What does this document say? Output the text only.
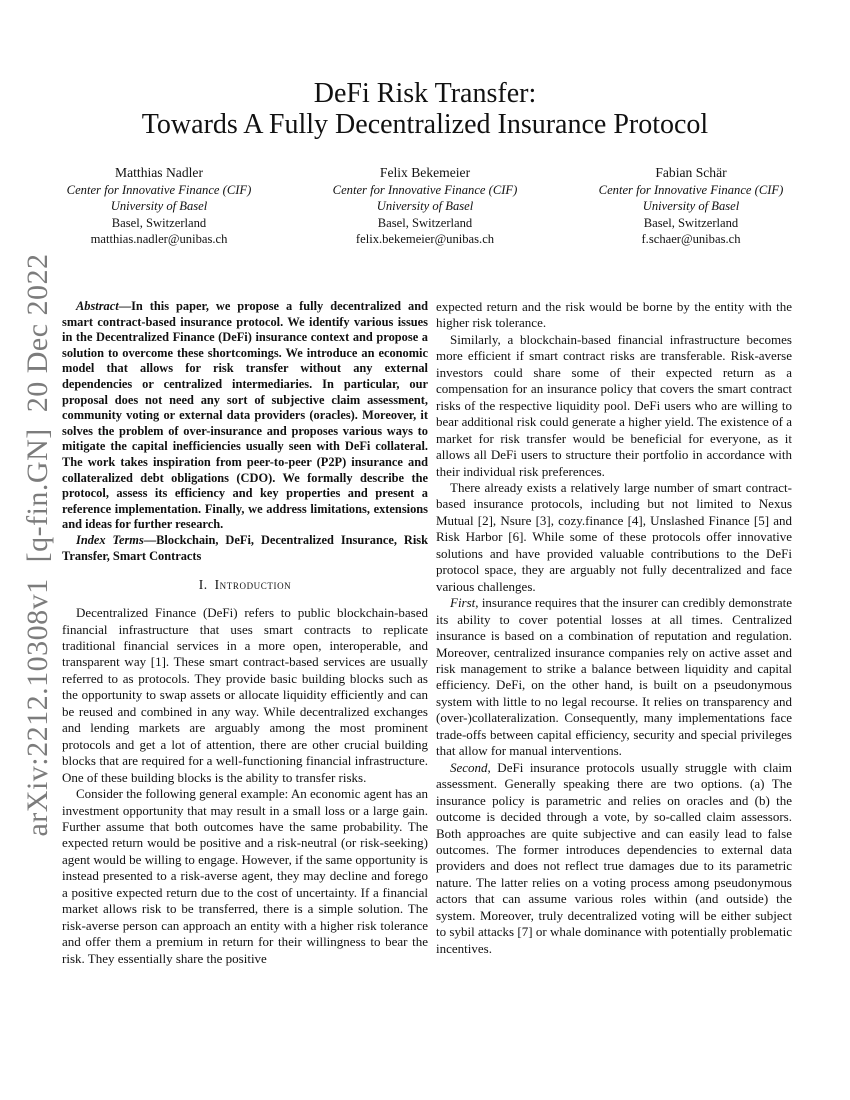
arXiv:2212.10308v1  [q-fin.GN]  20 Dec 2022
DeFi Risk Transfer:
Towards A Fully Decentralized Insurance Protocol
Matthias Nadler
Center for Innovative Finance (CIF)
University of Basel
Basel, Switzerland
matthias.nadler@unibas.ch
Felix Bekemeier
Center for Innovative Finance (CIF)
University of Basel
Basel, Switzerland
felix.bekemeier@unibas.ch
Fabian Schär
Center for Innovative Finance (CIF)
University of Basel
Basel, Switzerland
f.schaer@unibas.ch

Abstract—In this paper, we propose a fully decentralized and smart contract-based insurance protocol. We identify various issues in the Decentralized Finance (DeFi) insurance context and propose a solution to overcome these shortcomings. We introduce an economic model that allows for risk transfer without any external dependencies or centralized intermediaries. In particular, our proposal does not need any sort of subjective claim assessment, community voting or external data providers (oracles). Moreover, it solves the problem of over-insurance and proposes various ways to mitigate the capital inefficiencies usually seen with DeFi collateral. The work takes inspiration from peer-to-peer (P2P) insurance and collateralized debt obligations (CDO). We formally describe the protocol, assess its efficiency and key properties and present a reference implementation. Finally, we address limitations, extensions and ideas for further research.

Index Terms—Blockchain, DeFi, Decentralized Insurance, Risk Transfer, Smart Contracts

I. Introduction

Decentralized Finance (DeFi) refers to public blockchain-based financial infrastructure that uses smart contracts to replicate traditional financial services in a more open, interoperable, and transparent way [1]. These smart contract-based services are usually referred to as protocols. They provide basic building blocks such as the opportunity to swap assets or allocate liquidity efficiently and can be reused and combined in any way. While decentralized exchanges and lending markets are arguably among the most prominent protocols and get a lot of attention, there are other crucial building blocks that are required for a well-functioning financial infrastructure. One of these building blocks is the ability to transfer risks.

Consider the following general example: An economic agent has an investment opportunity that may result in a small loss or a large gain. Further assume that both outcomes have the same probability. The expected return would be positive and a risk-neutral (or risk-seeking) agent would be willing to engage. However, if the same opportunity is instead presented to a risk-averse agent, they may decline and forego a positive expected return due to the cost of uncertainty. If a financial market allows risk to be transferred, there is a simple solution. The risk-averse person can approach an entity with a higher risk tolerance and offer them a premium in return for their willingness to bear the risk. They essentially share the positive

expected return and the risk would be borne by the entity with the higher risk tolerance.

Similarly, a blockchain-based financial infrastructure becomes more efficient if smart contract risks are transferable. Risk-averse investors could share some of their expected return as a compensation for an insurance policy that covers the smart contract risks of the respective liquidity pool. DeFi users who are willing to bear additional risk could generate a higher yield. The existence of a market for risk transfer would be beneficial for everyone, as it allows all DeFi users to structure their portfolio in accordance with their individual risk preferences.

There already exists a relatively large number of smart contract-based insurance protocols, including but not limited to Nexus Mutual [2], Nsure [3], cozy.finance [4], Unslashed Finance [5] and Risk Harbor [6]. While some of these protocols offer innovative solutions and have provided valuable contributions to the DeFi protocol space, they are arguably not fully decentralized and face various challenges.

First, insurance requires that the insurer can credibly demonstrate its ability to cover potential losses at all times. Centralized insurance is based on a combination of reputation and regulation. Moreover, centralized insurance companies rely on active asset and risk management to strike a balance between liquidity and capital efficiency. DeFi, on the other hand, is built on a pseudonymous system with little to no legal recourse. It relies on transparency and (over-)collateralization. Consequently, many implementations face trade-offs between capital efficiency, security and special privileges that allow for manual interventions.

Second, DeFi insurance protocols usually struggle with claim assessment. Generally speaking there are two options. (a) The insurance policy is parametric and relies on oracles and (b) the outcome is decided through a vote, by so-called claim assessors. Both approaches are quite subjective and can easily lead to false outcomes. The former introduces dependencies to external data providers and does not reflect true damages due to its parametric nature. The latter relies on a voting process among pseudonymous actors that can assume various roles within (and outside) the system. Moreover, truly decentralized voting will be either subject to sybil attacks [7] or whale dominance with potentially problematic incentives.
